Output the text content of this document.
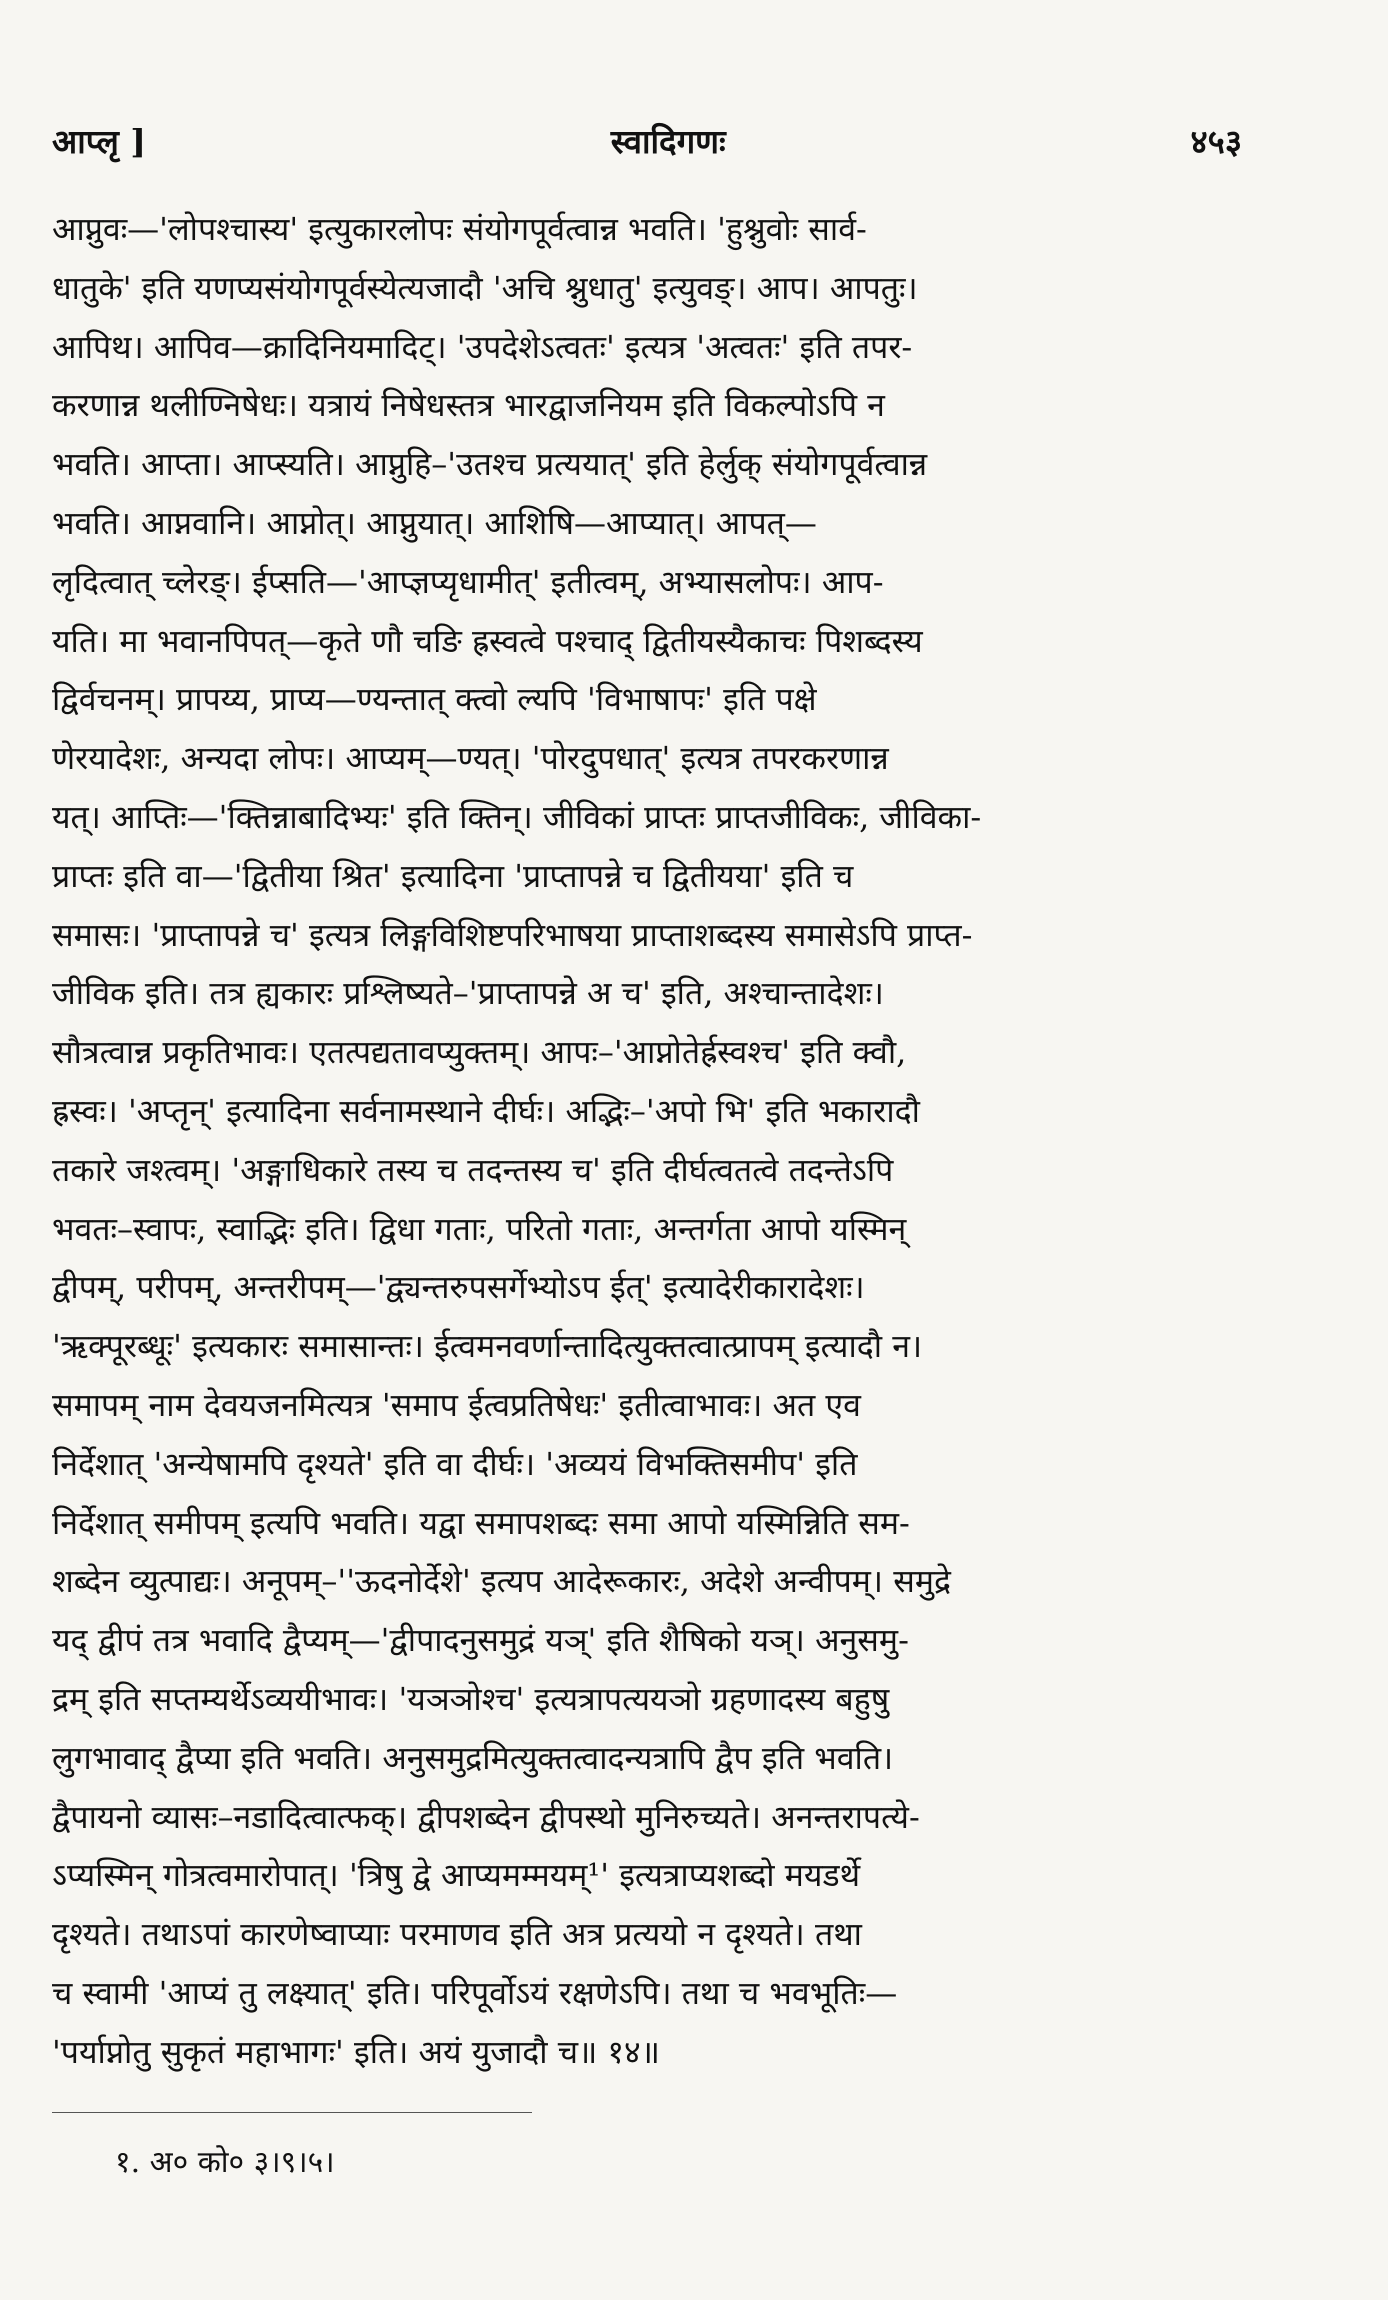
आप्लृ ]	स्वादिगणः	४५३
आप्नुवः—'लोपश्चास्य' इत्युकारलोपः संयोगपूर्वत्वान्न भवति। 'हुश्नुवोः सार्व-
धातुके' इति यणप्यसंयोगपूर्वस्येत्यजादौ 'अचि श्नुधातु' इत्युवङ्। आप। आपतुः।
आपिथ। आपिव—क्रादिनियमादिट्। 'उपदेशेऽत्वतः' इत्यत्र 'अत्वतः' इति तपर-
करणान्न थलीण्निषेधः। यत्रायं निषेधस्तत्र भारद्वाजनियम इति विकल्पोऽपि न
भवति। आप्ता। आप्स्यति। आप्नुहि–'उतश्च प्रत्ययात्' इति हेर्लुक् संयोगपूर्वत्वान्न
भवति। आप्नवानि। आप्नोत्। आप्नुयात्। आशिषि—आप्यात्। आपत्—
लृदित्वात् च्लेरङ्। ईप्सति—'आप्ज्ञप्यृधामीत्' इतीत्वम्, अभ्यासलोपः। आप-
यति। मा भवानपिपत्—कृते णौ चङि ह्रस्वत्वे पश्चाद् द्वितीयस्यैकाचः पिशब्दस्य
द्विर्वचनम्। प्रापय्य, प्राप्य—ण्यन्तात् क्त्वो ल्यपि 'विभाषापः' इति पक्षे
णेरयादेशः, अन्यदा लोपः। आप्यम्—ण्यत्। 'पोरदुपधात्' इत्यत्र तपरकरणान्न
यत्। आप्तिः—'क्तिन्नाबादिभ्यः' इति क्तिन्। जीविकां प्राप्तः प्राप्तजीविकः, जीविका-
प्राप्तः इति वा—'द्वितीया श्रित' इत्यादिना 'प्राप्तापन्ने च द्वितीयया' इति च
समासः। 'प्राप्तापन्ने च' इत्यत्र लिङ्गविशिष्टपरिभाषया प्राप्ताशब्दस्य समासेऽपि प्राप्त-
जीविक इति। तत्र ह्यकारः प्रश्लिष्यते–'प्राप्तापन्ने अ च' इति, अश्चान्तादेशः।
सौत्रत्वान्न प्रकृतिभावः। एतत्पद्यतावप्युक्तम्। आपः–'आप्नोतेर्ह्रस्वश्च' इति क्वौ,
ह्रस्वः। 'अप्तृन्' इत्यादिना सर्वनामस्थाने दीर्घः। अद्भिः–'अपो भि' इति भकारादौ
तकारे जश्त्वम्। 'अङ्गाधिकारे तस्य च तदन्तस्य च' इति दीर्घत्वतत्वे तदन्तेऽपि
भवतः–स्वापः, स्वाद्भिः इति। द्विधा गताः, परितो गताः, अन्तर्गता आपो यस्मिन्
द्वीपम्, परीपम्, अन्तरीपम्—'द्व्यन्तरुपसर्गेभ्योऽप ईत्' इत्यादेरीकारादेशः।
'ऋक्पूरब्धूः' इत्यकारः समासान्तः। ईत्वमनवर्णान्तादित्युक्तत्वात्प्रापम् इत्यादौ न।
समापम् नाम देवयजनमित्यत्र 'समाप ईत्वप्रतिषेधः' इतीत्वाभावः। अत एव
निर्देशात् 'अन्येषामपि दृश्यते' इति वा दीर्घः। 'अव्ययं विभक्तिसमीप' इति
निर्देशात् समीपम् इत्यपि भवति। यद्वा समापशब्दः समा आपो यस्मिन्निति सम-
शब्देन व्युत्पाद्यः। अनूपम्–''ऊदनोर्देशे' इत्यप आदेरूकारः, अदेशे अन्वीपम्। समुद्रे
यद् द्वीपं तत्र भवादि द्वैप्यम्—'द्वीपादनुसमुद्रं यञ्' इति शैषिको यञ्। अनुसमु-
द्रम् इति सप्तम्यर्थेऽव्ययीभावः। 'यञञोश्च' इत्यत्रापत्ययञो ग्रहणादस्य बहुषु
लुगभावाद् द्वैप्या इति भवति। अनुसमुद्रमित्युक्तत्वादन्यत्रापि द्वैप इति भवति।
द्वैपायनो व्यासः–नडादित्वात्फक्। द्वीपशब्देन द्वीपस्थो मुनिरुच्यते। अनन्तरापत्ये-
ऽप्यस्मिन् गोत्रत्वमारोपात्। 'त्रिषु द्वे आप्यमम्मयम्¹' इत्यत्राप्यशब्दो मयडर्थे
दृश्यते। तथाऽपां कारणेष्वाप्याः परमाणव इति अत्र प्रत्ययो न दृश्यते। तथा
च स्वामी 'आप्यं तु लक्ष्यात्' इति। परिपूर्वोऽयं रक्षणेऽपि। तथा च भवभूतिः—
'पर्याप्नोतु सुकृतं महाभागः' इति। अयं युजादौ च॥ १४॥
१. अ० को० ३।९।५।
